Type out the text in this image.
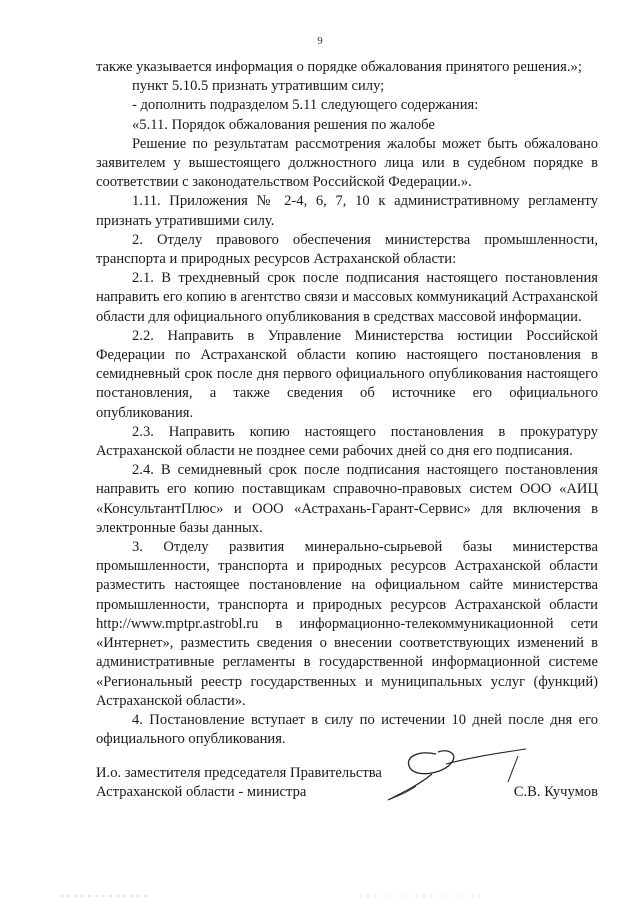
9

также указывается информация о порядке обжалования принятого решения.»;

пункт 5.10.5 признать утратившим силу;

- дополнить подразделом 5.11 следующего содержания:

«5.11. Порядок обжалования решения по жалобе

Решение по результатам рассмотрения жалобы может быть обжаловано заявителем у вышестоящего должностного лица или в судебном порядке в соответствии с законодательством Российской Федерации.».

1.11. Приложения № 2-4, 6, 7, 10 к административному регламенту признать утратившими силу.

2. Отделу правового обеспечения министерства промышленности, транспорта и природных ресурсов Астраханской области:

2.1. В трехдневный срок после подписания настоящего постановления направить его копию в агентство связи и массовых коммуникаций Астраханской области для официального опубликования в средствах массовой информации.

2.2. Направить в Управление Министерства юстиции Российской Федерации по Астраханской области копию настоящего постановления в семидневный срок после дня первого официального опубликования настоящего постановления, а также сведения об источнике его официального опубликования.

2.3. Направить копию настоящего постановления в прокуратуру Астраханской области не позднее семи рабочих дней со дня его подписания.

2.4. В семидневный срок после подписания настоящего постановления направить его копию поставщикам справочно-правовых систем ООО «АИЦ «КонсультантПлюс» и ООО «Астрахань-Гарант-Сервис» для включения в электронные базы данных.

3. Отделу развития минерально-сырьевой базы министерства промышленности, транспорта и природных ресурсов Астраханской области разместить настоящее постановление на официальном сайте министерства промышленности, транспорта и природных ресурсов Астраханской области http://www.mptpr.astrobl.ru в информационно-телекоммуникационной сети «Интернет», разместить сведения о внесении соответствующих изменений в административные регламенты в государственной информационной системе «Региональный реестр государственных и муниципальных услуг (функций) Астраханской области».

4. Постановление вступает в силу по истечении 10 дней после дня его официального опубликования.

И.о. заместителя председателя Правительства
Астраханской области - министра	С.В. Кучумов
